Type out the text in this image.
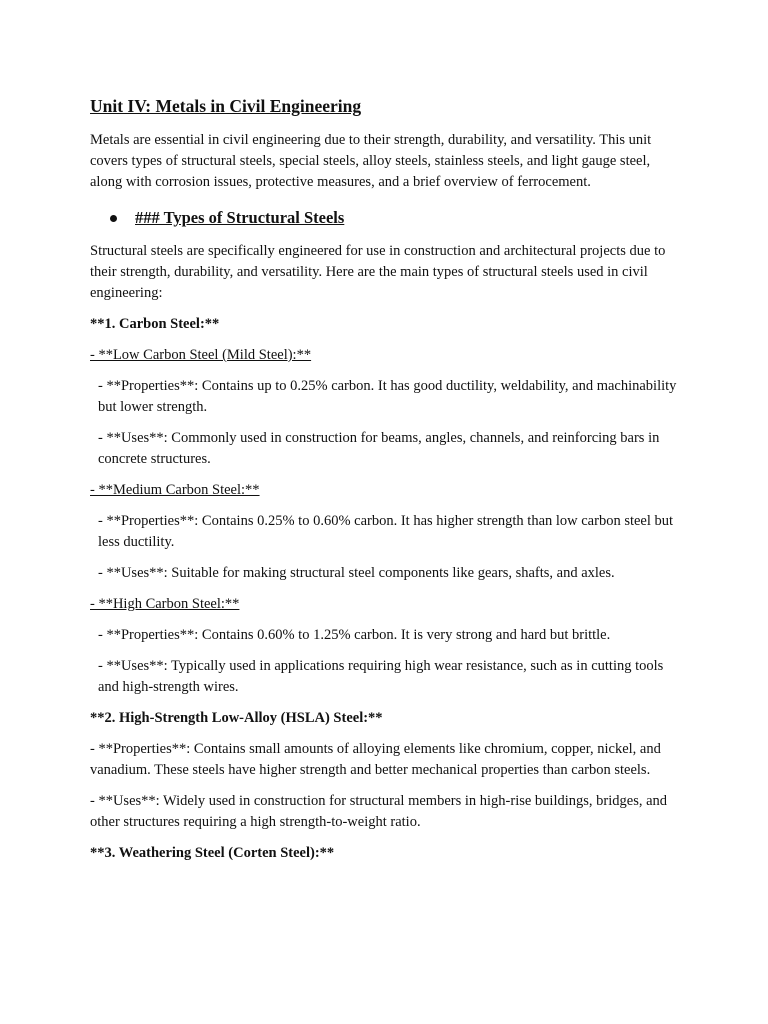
Unit IV: Metals in Civil Engineering

Metals are essential in civil engineering due to their strength, durability, and versatility. This unit covers types of structural steels, special steels, alloy steels, stainless steels, and light gauge steel, along with corrosion issues, protective measures, and a brief overview of ferrocement.

### Types of Structural Steels

Structural steels are specifically engineered for use in construction and architectural projects due to their strength, durability, and versatility. Here are the main types of structural steels used in civil engineering:

**1. Carbon Steel:**

- **Low Carbon Steel (Mild Steel):**

- **Properties**: Contains up to 0.25% carbon. It has good ductility, weldability, and machinability but lower strength.

- **Uses**: Commonly used in construction for beams, angles, channels, and reinforcing bars in concrete structures.

- **Medium Carbon Steel:**

- **Properties**: Contains 0.25% to 0.60% carbon. It has higher strength than low carbon steel but less ductility.

- **Uses**: Suitable for making structural steel components like gears, shafts, and axles.

- **High Carbon Steel:**

- **Properties**: Contains 0.60% to 1.25% carbon. It is very strong and hard but brittle.

- **Uses**: Typically used in applications requiring high wear resistance, such as in cutting tools and high-strength wires.

**2. High-Strength Low-Alloy (HSLA) Steel:**

- **Properties**: Contains small amounts of alloying elements like chromium, copper, nickel, and vanadium. These steels have higher strength and better mechanical properties than carbon steels.

- **Uses**: Widely used in construction for structural members in high-rise buildings, bridges, and other structures requiring a high strength-to-weight ratio.

**3. Weathering Steel (Corten Steel):**
